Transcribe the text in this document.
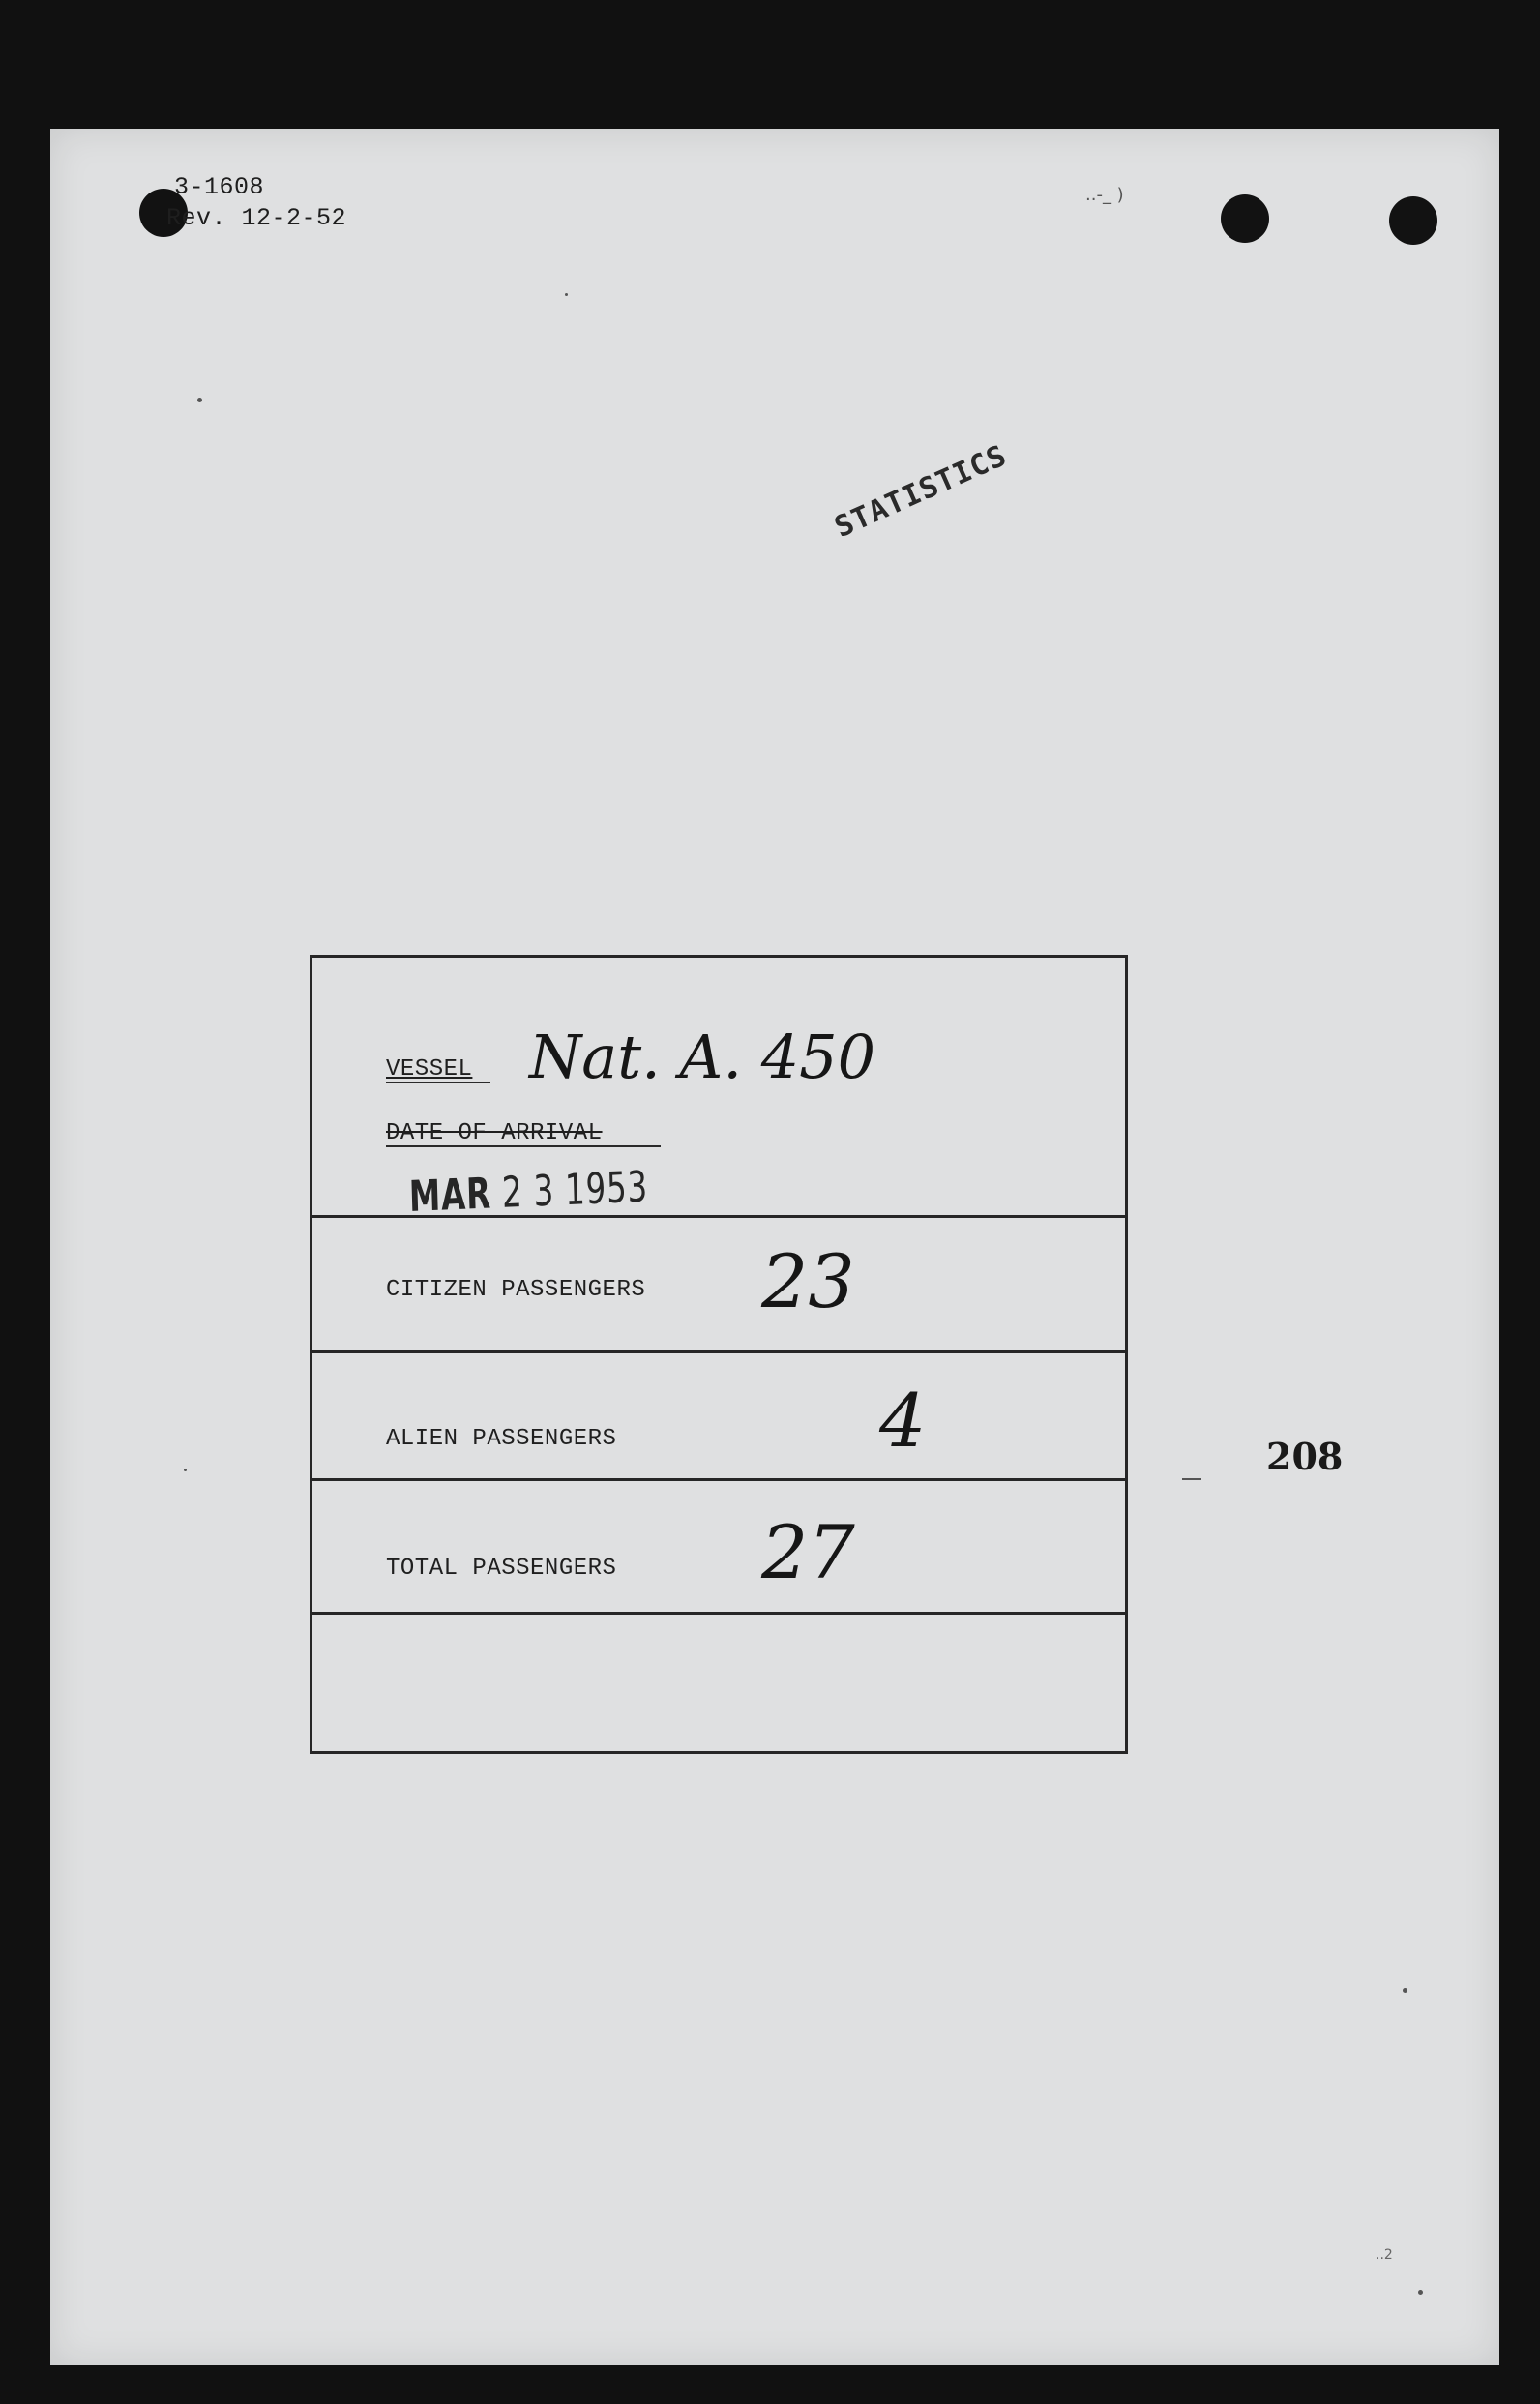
3-1608
Rev. 12-2-52
..-_ )
STATISTICS
VESSEL Nat. A. 450
DATE OF ARRIVAL
MAR 2 3 1953
CITIZEN PASSENGERS 23
ALIEN PASSENGERS	4
TOTAL PASSENGERS 27
208
..2
